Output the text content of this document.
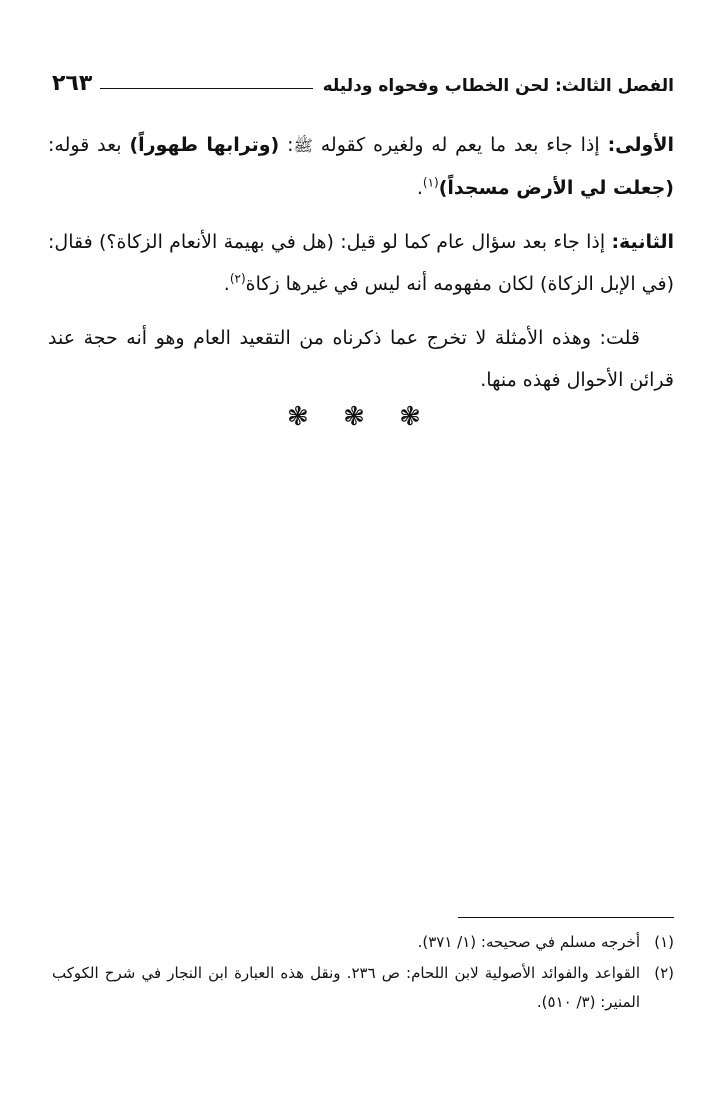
الفصل الثالث: لحن الخطاب وفحواه ودليله
٢٦٣

الأولى: إذا جاء بعد ما يعم له ولغيره كقوله ﷺ: (وترابها طهوراً) بعد قوله: (جعلت لي الأرض مسجداً)$^{(١)}$.

الثانية: إذا جاء بعد سؤال عام كما لو قيل: (هل في بهيمة الأنعام الزكاة؟) فقال: (في الإبل الزكاة) لكان مفهومه أنه ليس في غيرها زكاة$^{(٢)}$.

قلت: وهذه الأمثلة لا تخرج عما ذكرناه من التقعيد العام وهو أنه حجة عند قرائن الأحوال فهذه منها.

❃ ❃ ❃
(١)
أخرجه مسلم في صحيحه: (١/ ٣٧١).
(٢)
القواعد والفوائد الأصولية لابن اللحام: ص ٢٣٦. ونقل هذه العبارة ابن النجار في شرح الكوكب المنير: (٣/ ٥١٠).
